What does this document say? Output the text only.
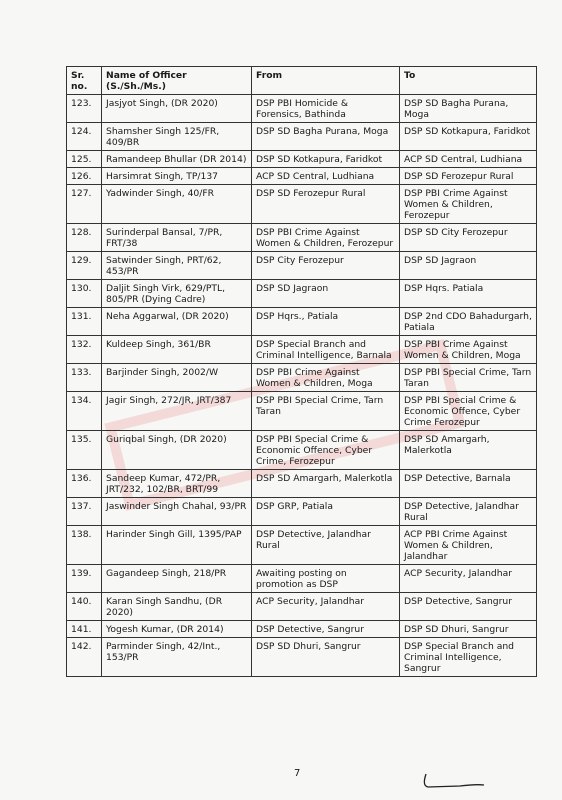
Sr. no.	Name of Officer (S./Sh./Ms.)	From	To
123.	Jasjyot Singh, (DR 2020)	DSP PBI Homicide & Forensics, Bathinda	DSP SD Bagha Purana, Moga
124.	Shamsher Singh 125/FR, 409/BR	DSP SD Bagha Purana, Moga	DSP SD Kotkapura, Faridkot
125.	Ramandeep Bhullar (DR 2014)	DSP SD Kotkapura, Faridkot	ACP SD Central, Ludhiana
126.	Harsimrat Singh, TP/137	ACP SD Central, Ludhiana	DSP SD Ferozepur Rural
127.	Yadwinder Singh, 40/FR	DSP SD Ferozepur Rural	DSP PBI Crime Against Women & Children, Ferozepur
128.	Surinderpal Bansal, 7/PR, FRT/38	DSP PBI Crime Against Women & Children, Ferozepur	DSP SD City Ferozepur
129.	Satwinder Singh, PRT/62, 453/PR	DSP City Ferozepur	DSP SD Jagraon
130.	Daljit Singh Virk, 629/PTL, 805/PR (Dying Cadre)	DSP SD Jagraon	DSP Hqrs. Patiala
131.	Neha Aggarwal, (DR 2020)	DSP Hqrs., Patiala	DSP 2nd CDO Bahadurgarh, Patiala
132.	Kuldeep Singh, 361/BR	DSP Special Branch and Criminal Intelligence, Barnala	DSP PBI Crime Against Women & Children, Moga
133.	Barjinder Singh, 2002/W	DSP PBI Crime Against Women & Children, Moga	DSP PBI Special Crime, Tarn Taran
134.	Jagir Singh, 272/JR, JRT/387	DSP PBI Special Crime, Tarn Taran	DSP PBI Special Crime & Economic Offence, Cyber Crime Ferozepur
135.	Guriqbal Singh, (DR 2020)	DSP PBI Special Crime & Economic Offence, Cyber Crime, Ferozepur	DSP SD Amargarh, Malerkotla
136.	Sandeep Kumar, 472/PR, JRT/232, 102/BR, BRT/99	DSP SD Amargarh, Malerkotla	DSP Detective, Barnala
137.	Jaswinder Singh Chahal, 93/PR	DSP GRP, Patiala	DSP Detective, Jalandhar Rural
138.	Harinder Singh Gill, 1395/PAP	DSP Detective, Jalandhar Rural	ACP PBI Crime Against Women & Children, Jalandhar
139.	Gagandeep Singh, 218/PR	Awaiting posting on promotion as DSP	ACP Security, Jalandhar
140.	Karan Singh Sandhu, (DR 2020)	ACP Security, Jalandhar	DSP Detective, Sangrur
141.	Yogesh Kumar, (DR 2014)	DSP Detective, Sangrur	DSP SD Dhuri, Sangrur
142.	Parminder Singh, 42/Int., 153/PR	DSP SD Dhuri, Sangrur	DSP Special Branch and Criminal Intelligence, Sangrur
7
